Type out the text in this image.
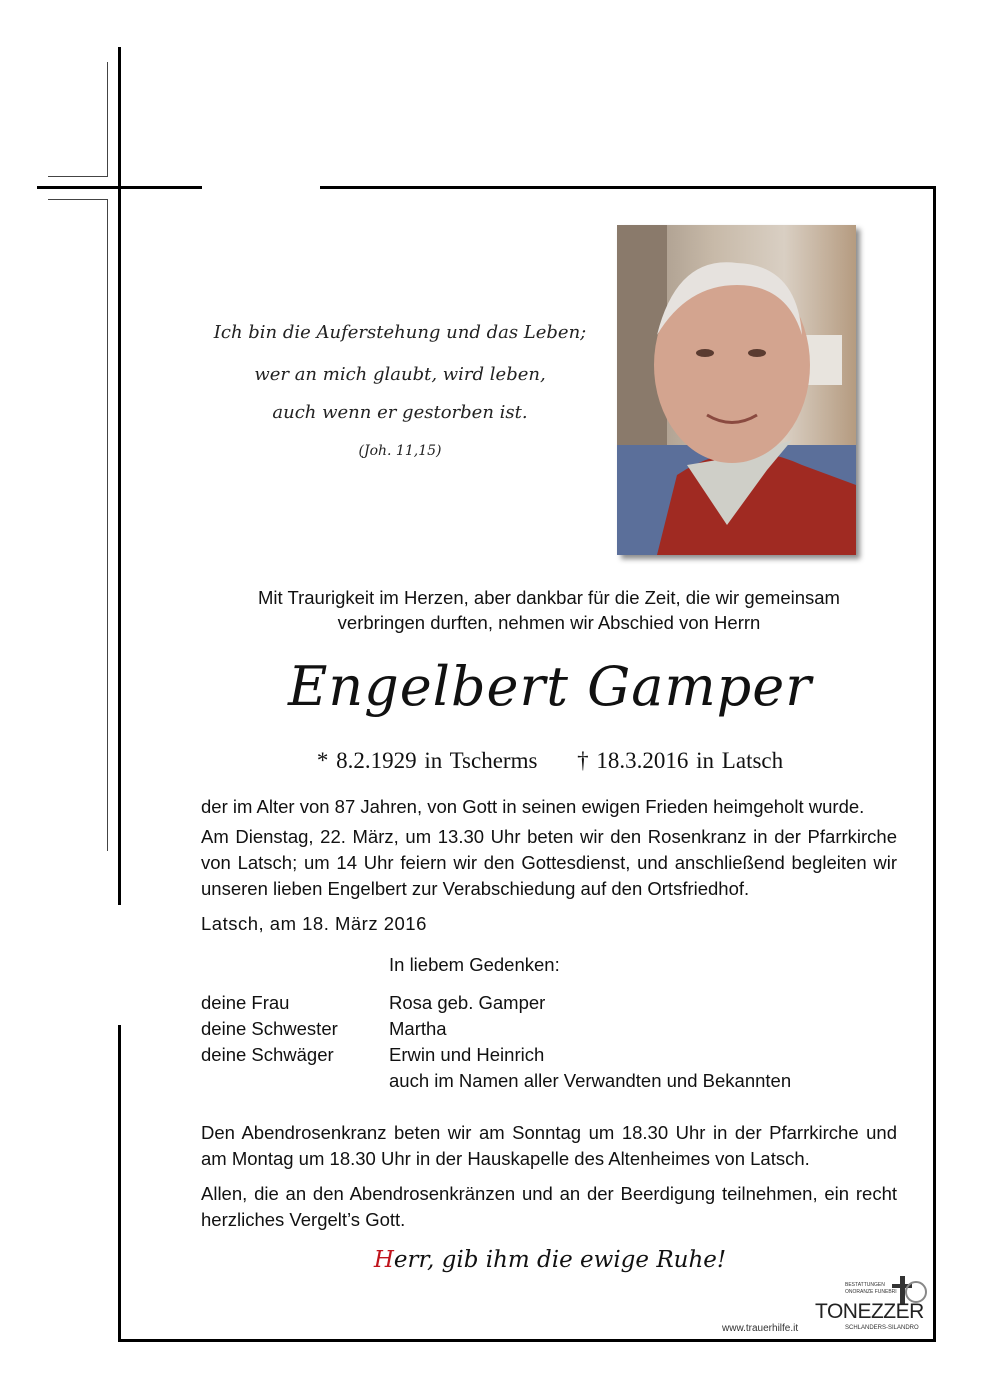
Ich bin die Auferstehung und das Leben;
wer an mich glaubt, wird leben,
auch wenn er gestorben ist.
(Joh. 11,15)
Mit Traurigkeit im Herzen, aber dankbar für die Zeit, die wir gemeinsam
verbringen durften, nehmen wir Abschied von Herrn
Engelbert Gamper
* 8.2.1929 in Tscherms † 18.3.2016 in Latsch
der im Alter von 87 Jahren, von Gott in seinen ewigen Frieden heimgeholt wurde.
Am Dienstag, 22. März, um 13.30 Uhr beten wir den Rosenkranz in der Pfarrkirche von Latsch; um 14 Uhr feiern wir den Gottesdienst, und anschließend begleiten wir unseren lieben Engelbert zur Verabschiedung auf den Ortsfriedhof.
Latsch, am 18. März 2016
In liebem Gedenken:
deine Frau	Rosa geb. Gamper
deine Schwester	Martha
deine Schwäger	Erwin und Heinrich
auch im Namen aller Verwandten und Bekannten
Den Abendrosenkranz beten wir am Sonntag um 18.30 Uhr in der Pfarrkirche und am Montag um 18.30 Uhr in der Hauskapelle des Altenheimes von Latsch.
Allen, die an den Abendrosenkränzen und an der Beerdigung teilnehmen, ein recht herzliches Vergelt’s Gott.
Herr, gib ihm die ewige Ruhe!
www.trauerhilfe.it
BESTATTUNGEN
ONORANZE FUNEBRI
TONEZZER
SCHLANDERS-SILANDRO
